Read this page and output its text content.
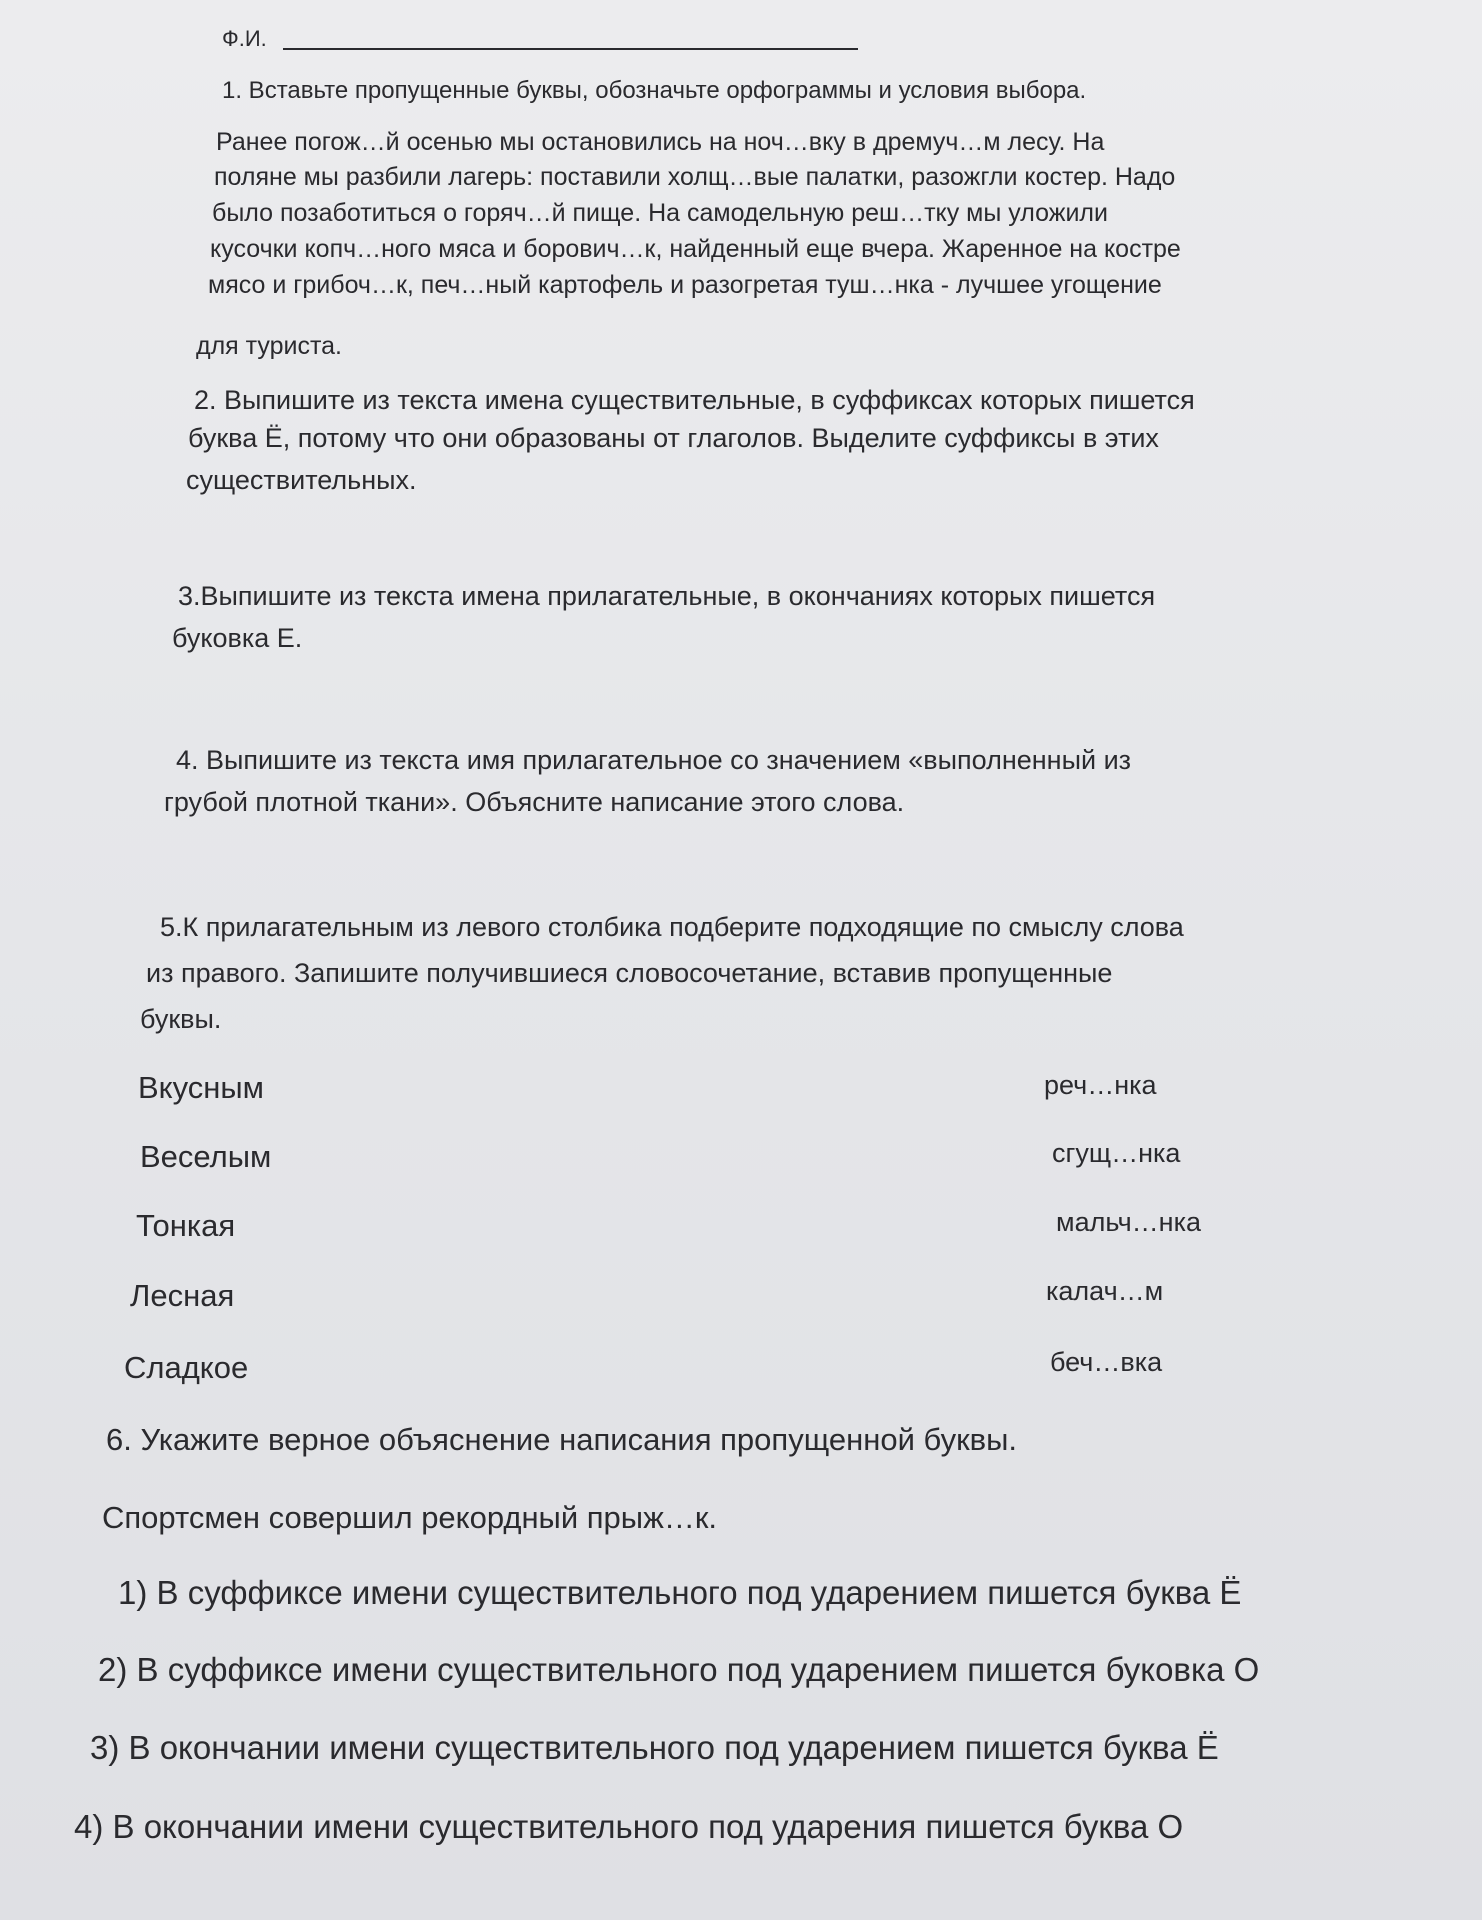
Ф.И.

1. Вставьте пропущенные буквы, обозначьте орфограммы и условия выбора.

Ранее погож…й осенью мы остановились на ноч…вку в дремуч…м лесу. На

поляне мы разбили лагерь: поставили холщ…вые палатки, разожгли костер. Надо

было позаботиться о горяч…й пище. На самодельную реш…тку мы уложили

кусочки копч…ного мяса и борович…к, найденный еще вчера. Жаренное на костре

мясо и грибоч…к, печ…ный картофель и разогретая туш…нка - лучшее угощение

для туриста.

2. Выпишите из текста имена существительные, в суффиксах которых пишется

буква Ё, потому что они образованы от глаголов. Выделите суффиксы в этих

существительных.

3.Выпишите из текста имена прилагательные, в окончаниях которых пишется

буковка Е.

4. Выпишите из текста имя прилагательное со значением «выполненный из

грубой плотной ткани». Объясните написание этого слова.

5.К прилагательным из левого столбика подберите подходящие по смыслу слова

из правого. Запишите получившиеся словосочетание, вставив пропущенные

буквы.

Вкусным

Веселым

Тонкая

Лесная

Сладкое

реч…нка

сгущ…нка

мальч…нка

калач…м

беч…вка

6. Укажите верное объяснение написания пропущенной буквы.

Спортсмен совершил рекордный прыж…к.

1) В суффиксе имени существительного под ударением пишется буква Ё

2) В суффиксе имени существительного под ударением пишется буковка О

3) В окончании имени существительного под ударением пишется буква Ё

4) В окончании имени существительного под ударения пишется буква О
